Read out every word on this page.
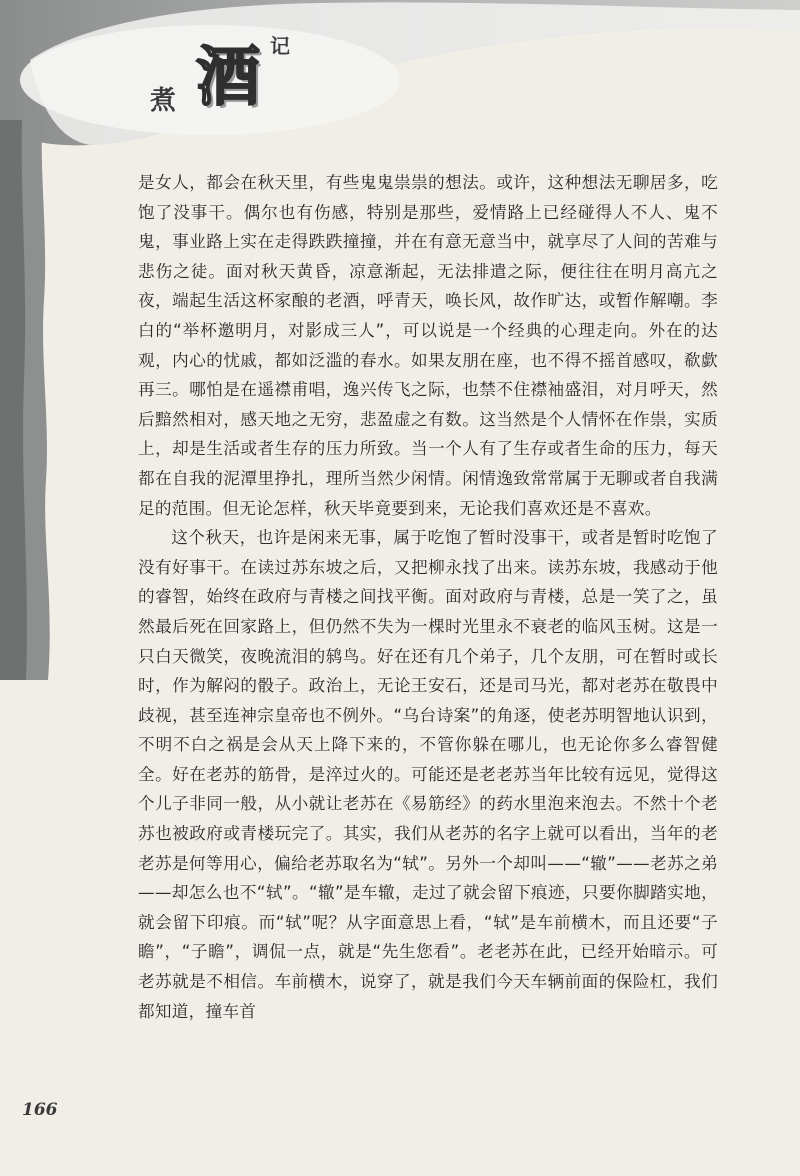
煮 酒 记

是女人，都会在秋天里，有些鬼鬼祟祟的想法。或许，这种想法无聊居多，吃饱了没事干。偶尔也有伤感，特别是那些，爱情路上已经碰得人不人、鬼不鬼，事业路上实在走得跌跌撞撞，并在有意无意当中，就享尽了人间的苦难与悲伤之徒。面对秋天黄昏，凉意渐起，无法排遣之际，便往往在明月高亢之夜，端起生活这杯家酿的老酒，呼青天，唤长风，故作旷达，或暂作解嘲。李白的“举杯邀明月，对影成三人”，可以说是一个经典的心理走向。外在的达观，内心的忧戚，都如泛滥的春水。如果友朋在座，也不得不摇首感叹，欷歔再三。哪怕是在遥襟甫唱，逸兴传飞之际，也禁不住襟袖盛泪，对月呼天，然后黯然相对，感天地之无穷，悲盈虚之有数。这当然是个人情怀在作祟，实质上，却是生活或者生存的压力所致。当一个人有了生存或者生命的压力，每天都在自我的泥潭里挣扎，理所当然少闲情。闲情逸致常常属于无聊或者自我满足的范围。但无论怎样，秋天毕竟要到来，无论我们喜欢还是不喜欢。

这个秋天，也许是闲来无事，属于吃饱了暂时没事干，或者是暂时吃饱了没有好事干。在读过苏东坡之后，又把柳永找了出来。读苏东坡，我感动于他的睿智，始终在政府与青楼之间找平衡。面对政府与青楼，总是一笑了之，虽然最后死在回家路上，但仍然不失为一棵时光里永不衰老的临风玉树。这是一只白天微笑，夜晚流泪的鸫鸟。好在还有几个弟子，几个友朋，可在暂时或长时，作为解闷的骰子。政治上，无论王安石，还是司马光，都对老苏在敬畏中歧视，甚至连神宗皇帝也不例外。“乌台诗案”的角逐，使老苏明智地认识到，不明不白之祸是会从天上降下来的，不管你躲在哪儿，也无论你多么睿智健全。好在老苏的筋骨，是淬过火的。可能还是老老苏当年比较有远见，觉得这个儿子非同一般，从小就让老苏在《易筋经》的药水里泡来泡去。不然十个老苏也被政府或青楼玩完了。其实，我们从老苏的名字上就可以看出，当年的老老苏是何等用心，偏给老苏取名为“轼”。另外一个却叫——“辙”——老苏之弟——却怎么也不“轼”。“辙”是车辙，走过了就会留下痕迹，只要你脚踏实地，就会留下印痕。而“轼”呢？从字面意思上看，“轼”是车前横木，而且还要“子瞻”，“子瞻”，调侃一点，就是“先生您看”。老老苏在此，已经开始暗示。可老苏就是不相信。车前横木，说穿了，就是我们今天车辆前面的保险杠，我们都知道，撞车首

166
